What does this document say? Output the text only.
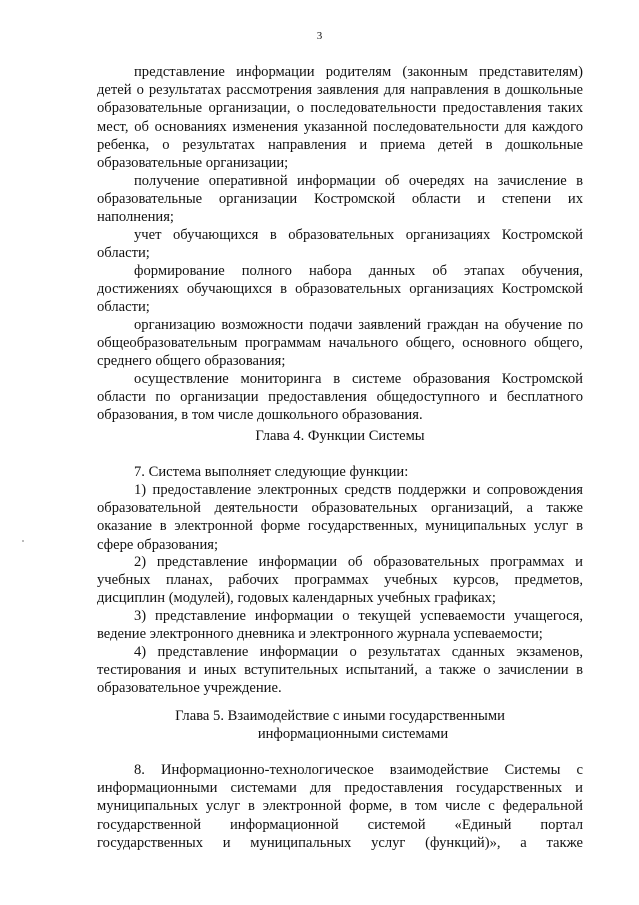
3

представление информации родителям (законным представителям) детей о результатах рассмотрения заявления для направления в дошкольные образовательные организации, о последовательности предоставления таких мест, об основаниях изменения указанной последовательности для каждого ребенка, о результатах направления и приема детей в дошкольные образовательные организации;

получение оперативной информации об очередях на зачисление в образовательные организации Костромской области и степени их наполнения;

учет обучающихся в образовательных организациях Костромской области;

формирование полного набора данных об этапах обучения, достижениях обучающихся в образовательных организациях Костромской области;

организацию возможности подачи заявлений граждан на обучение по общеобразовательным программам начального общего, основного общего, среднего общего образования;

осуществление мониторинга в системе образования Костромской области по организации предоставления общедоступного и бесплатного образования, в том числе дошкольного образования.

Глава 4. Функции Системы

7. Система выполняет следующие функции:

1) предоставление электронных средств поддержки и сопровождения образовательной деятельности образовательных организаций, а также оказание в электронной форме государственных, муниципальных услуг в сфере образования;

2) представление информации об образовательных программах и учебных планах, рабочих программах учебных курсов, предметов, дисциплин (модулей), годовых календарных учебных графиках;

3) представление информации о текущей успеваемости учащегося, ведение электронного дневника и электронного журнала успеваемости;

4) представление информации о результатах сданных экзаменов, тестирования и иных вступительных испытаний, а также о зачислении в образовательное учреждение.

Глава 5. Взаимодействие с иными государственными
информационными системами

8. Информационно-технологическое взаимодействие Системы с информационными системами для предоставления государственных и муниципальных услуг в электронной форме, в том числе с федеральной государственной информационной системой «Единый портал государственных и муниципальных услуг (функций)», а также
